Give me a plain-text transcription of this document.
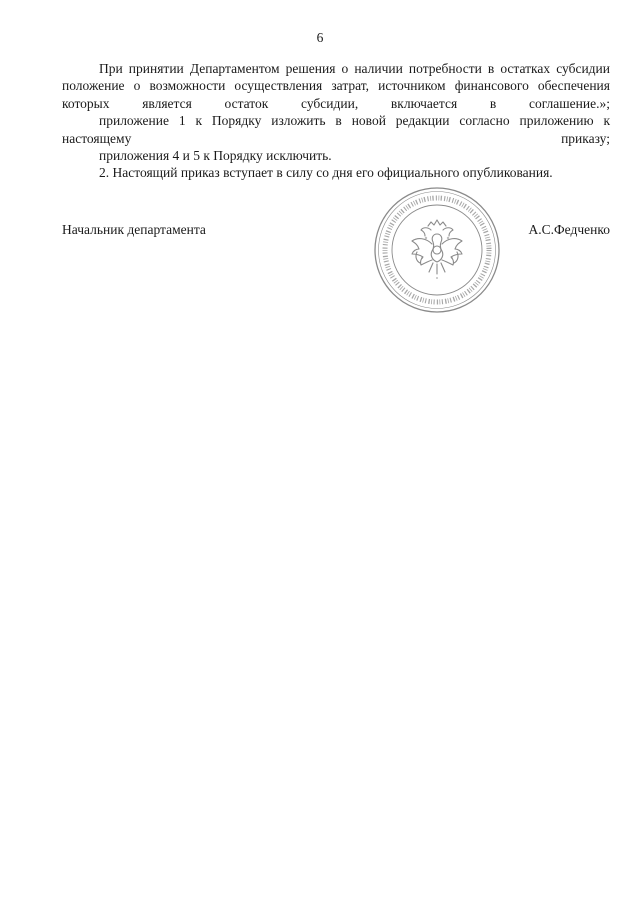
6

При принятии Департаментом решения о наличии потребности в остатках субсидии положение о возможности осуществления затрат, источником финансового обеспечения которых является остаток субсидии, включается в соглашение.»;

приложение 1 к Порядку изложить в новой редакции согласно приложению к настоящему приказу;

приложения 4 и 5 к Порядку исключить.

2. Настоящий приказ вступает в силу со дня его официального опубликования.

Начальник департамента	А.С.Федченко
